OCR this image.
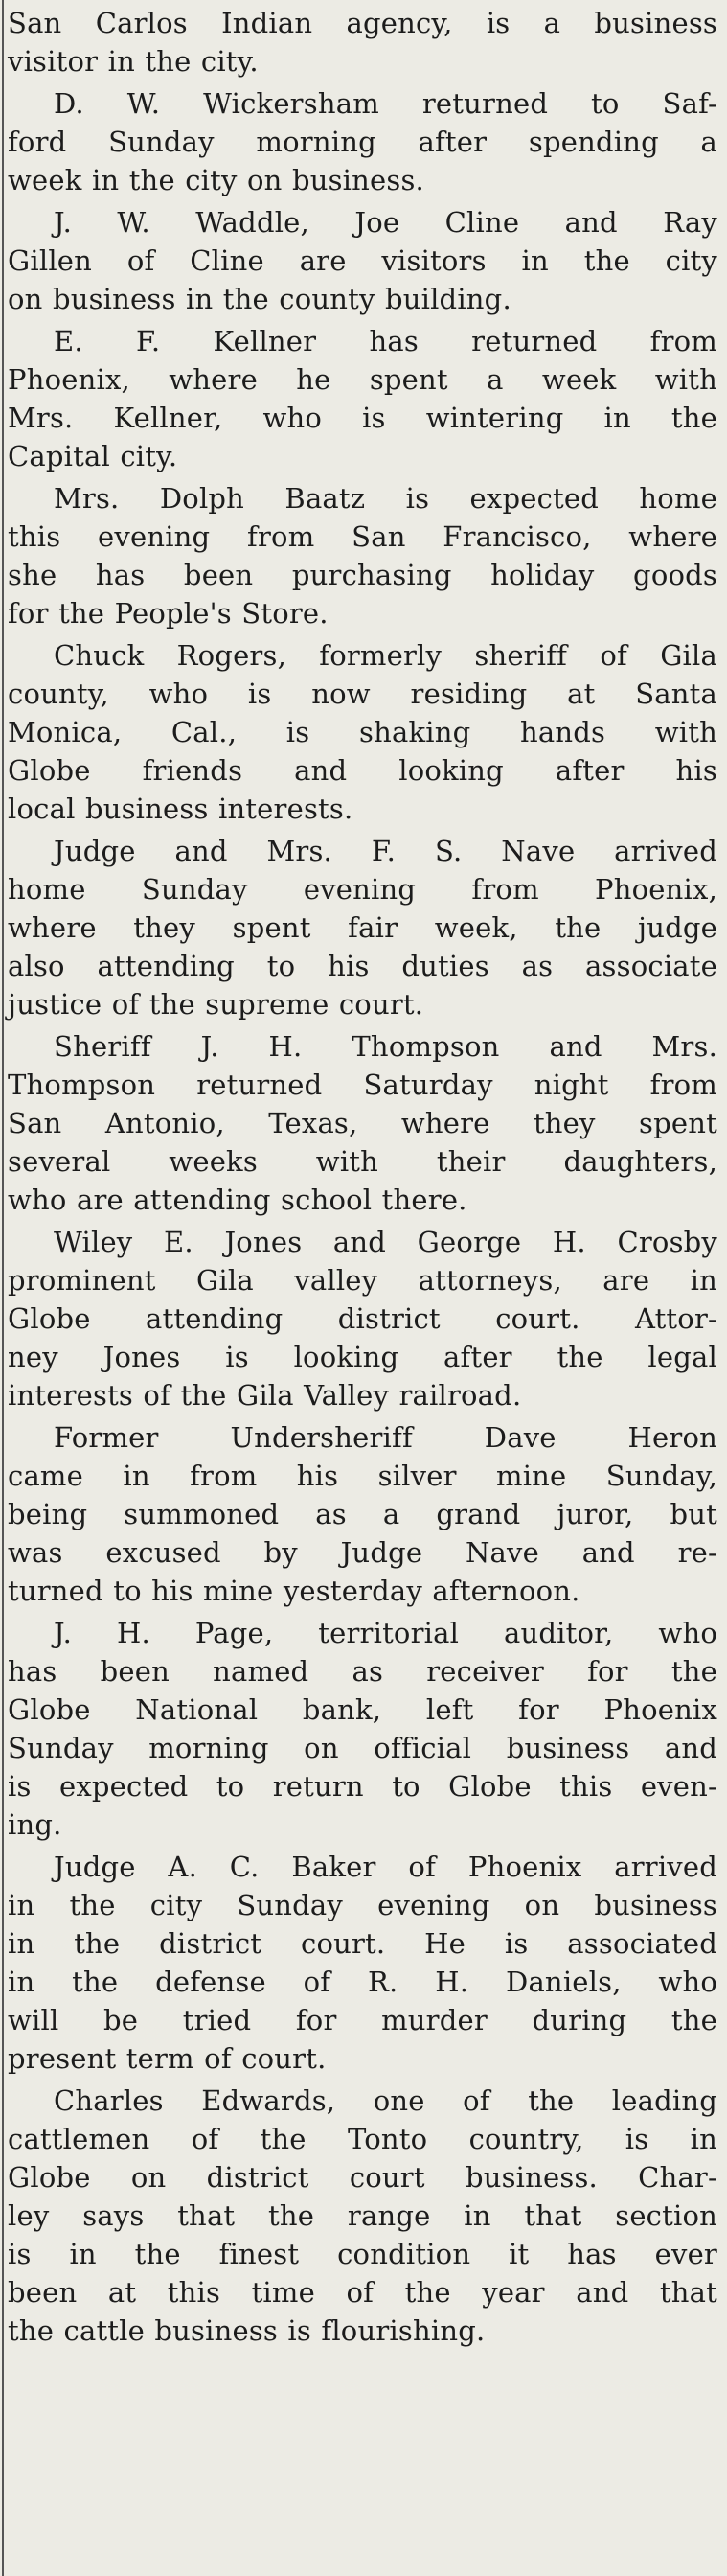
San Carlos Indian agency, is a business
visitor in the city.
D. W. Wickersham returned to Saf-
ford Sunday morning after spending a
week in the city on business.
J. W. Waddle, Joe Cline and Ray
Gillen of Cline are visitors in the city
on business in the county building.
E. F. Kellner has returned from
Phoenix, where he spent a week with
Mrs. Kellner, who is wintering in the
Capital city.
Mrs. Dolph Baatz is expected home
this evening from San Francisco, where
she has been purchasing holiday goods
for the People's Store.
Chuck Rogers, formerly sheriff of Gila
county, who is now residing at Santa
Monica, Cal., is shaking hands with
Globe friends and looking after his
local business interests.
Judge and Mrs. F. S. Nave arrived
home Sunday evening from Phoenix,
where they spent fair week, the judge
also attending to his duties as associate
justice of the supreme court.
Sheriff J. H. Thompson and Mrs.
Thompson returned Saturday night from
San Antonio, Texas, where they spent
several weeks with their daughters,
who are attending school there.
Wiley E. Jones and George H. Crosby
prominent Gila valley attorneys, are in
Globe attending district court. Attor-
ney Jones is looking after the legal
interests of the Gila Valley railroad.
Former Undersheriff Dave Heron
came in from his silver mine Sunday,
being summoned as a grand juror, but
was excused by Judge Nave and re-
turned to his mine yesterday afternoon.
J. H. Page, territorial auditor, who
has been named as receiver for the
Globe National bank, left for Phoenix
Sunday morning on official business and
is expected to return to Globe this even-
ing.
Judge A. C. Baker of Phoenix arrived
in the city Sunday evening on business
in the district court. He is associated
in the defense of R. H. Daniels, who
will be tried for murder during the
present term of court.
Charles Edwards, one of the leading
cattlemen of the Tonto country, is in
Globe on district court business. Char-
ley says that the range in that section
is in the finest condition it has ever
been at this time of the year and that
the cattle business is flourishing.
